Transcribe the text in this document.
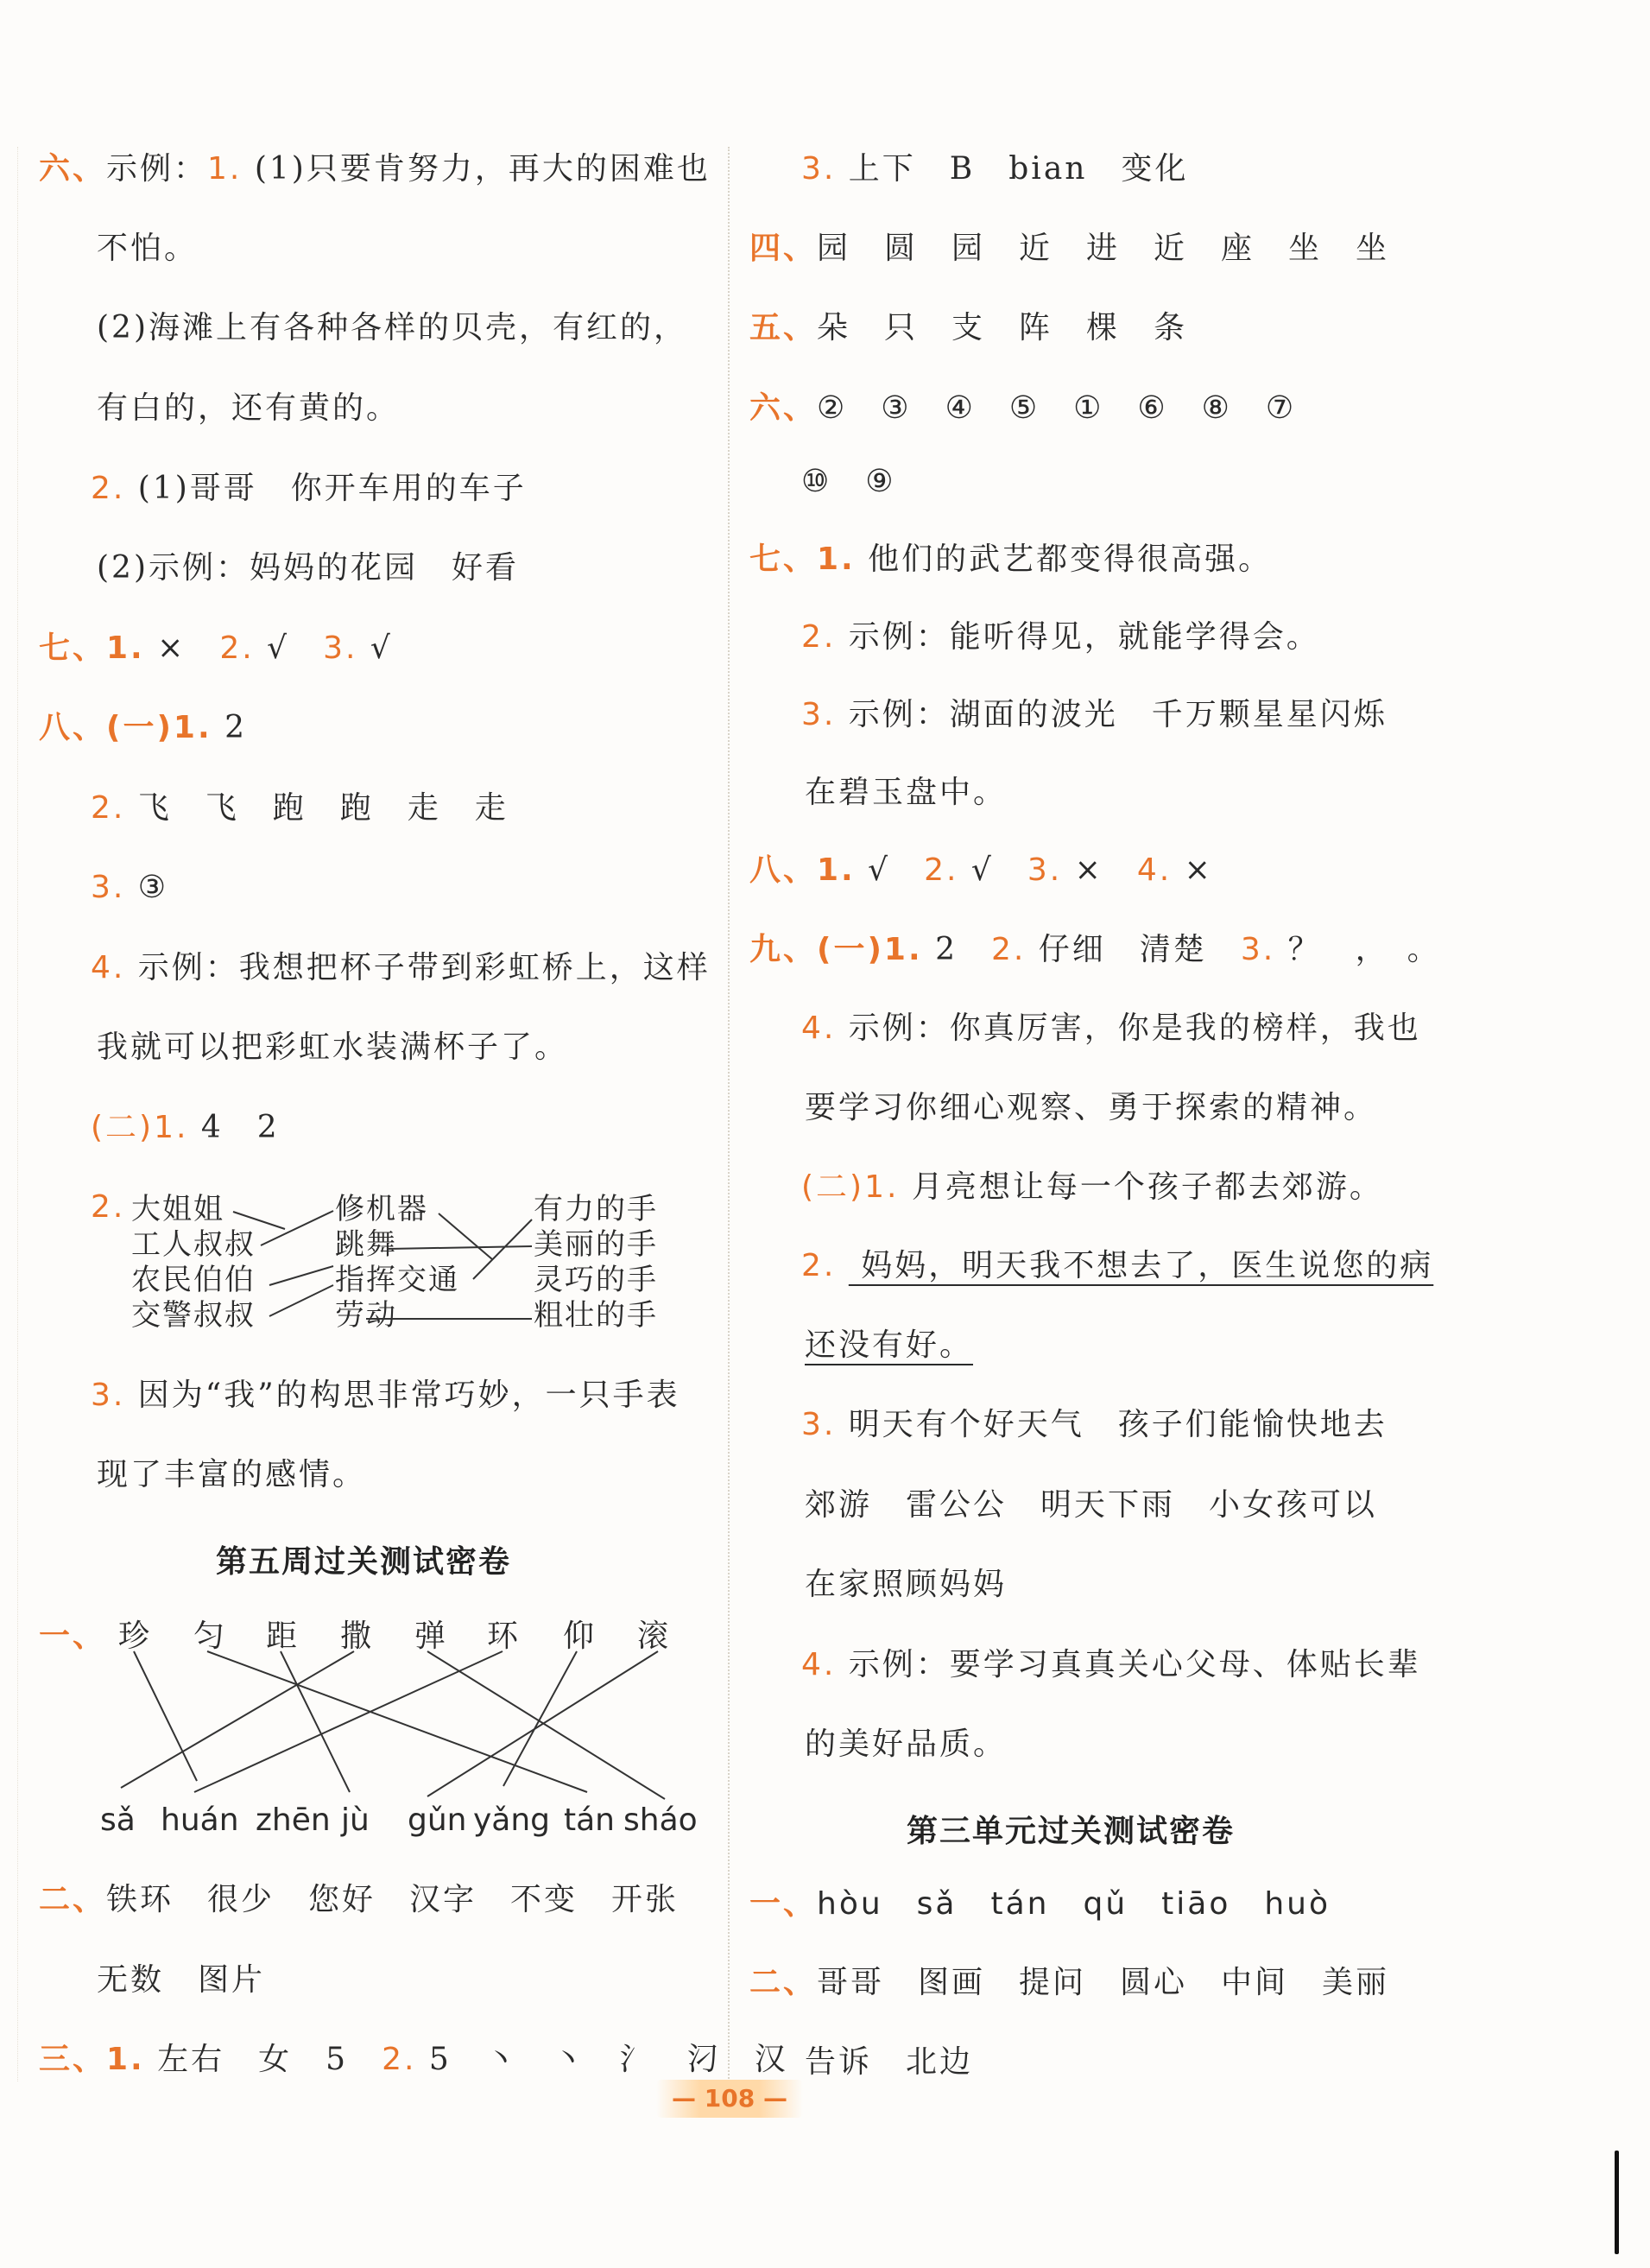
六、示例：1. (1)只要肯努力，再大的困难也
不怕。
(2)海滩上有各种各样的贝壳，有红的，
有白的，还有黄的。
2. (1)哥哥　你开车用的车子
(2)示例：妈妈的花园　好看
七、1. ×　2. √　3. √
八、(一)1. 2
2. 飞　飞　跑　跑　走　走
3. ③
4. 示例：我想把杯子带到彩虹桥上，这样
我就可以把彩虹水装满杯子了。
(二)1. 4　2
2. 大姐姐
工人叔叔
农民伯伯
交警叔叔
修机器
跳舞
指挥交通
劳动
有力的手
美丽的手
灵巧的手
粗壮的手
3. 因为“我”的构思非常巧妙，一只手表
现了丰富的感情。
第五周过关测试密卷
一、 珍 匀 距 撒 弹 环 仰 滚
sǎ huán zhēn jù gǔn yǎng tán sháo
二、铁环　很少　您好　汉字　不变　开张
无数　图片
三、1. 左右　⼥　5　2. 5　丶　丶　氵　汈　汉
3. 上下　B　bian　变化
四、园　圆　园　近　进　近　座　坐　坐
五、朵　只　支　阵　棵　条
六、②　③　④　⑤　①　⑥　⑧　⑦
⑩　⑨
七、1. 他们的武艺都变得很高强。
2. 示例：能听得见，就能学得会。
3. 示例：湖面的波光　千万颗星星闪烁
在碧玉盘中。
八、1. √　2. √　3. ×　4. ×
九、(一)1. 2　2. 仔细　清楚　3. ？　，　。
4. 示例：你真厉害，你是我的榜样，我也
要学习你细心观察、勇于探索的精神。
(二)1. 月亮想让每一个孩子都去郊游。
2.  妈妈，明天我不想去了，医生说您的病
还没有好。
3. 明天有个好天气　孩子们能愉快地去
郊游　雷公公　明天下雨　小女孩可以
在家照顾妈妈
4. 示例：要学习真真关心父母、体贴长辈
的美好品质。
第三单元过关测试密卷
一、hòu　sǎ　tán　qǔ　tiāo　huò
二、哥哥　图画　提问　圆心　中间　美丽
告诉　北边
— 108 —
